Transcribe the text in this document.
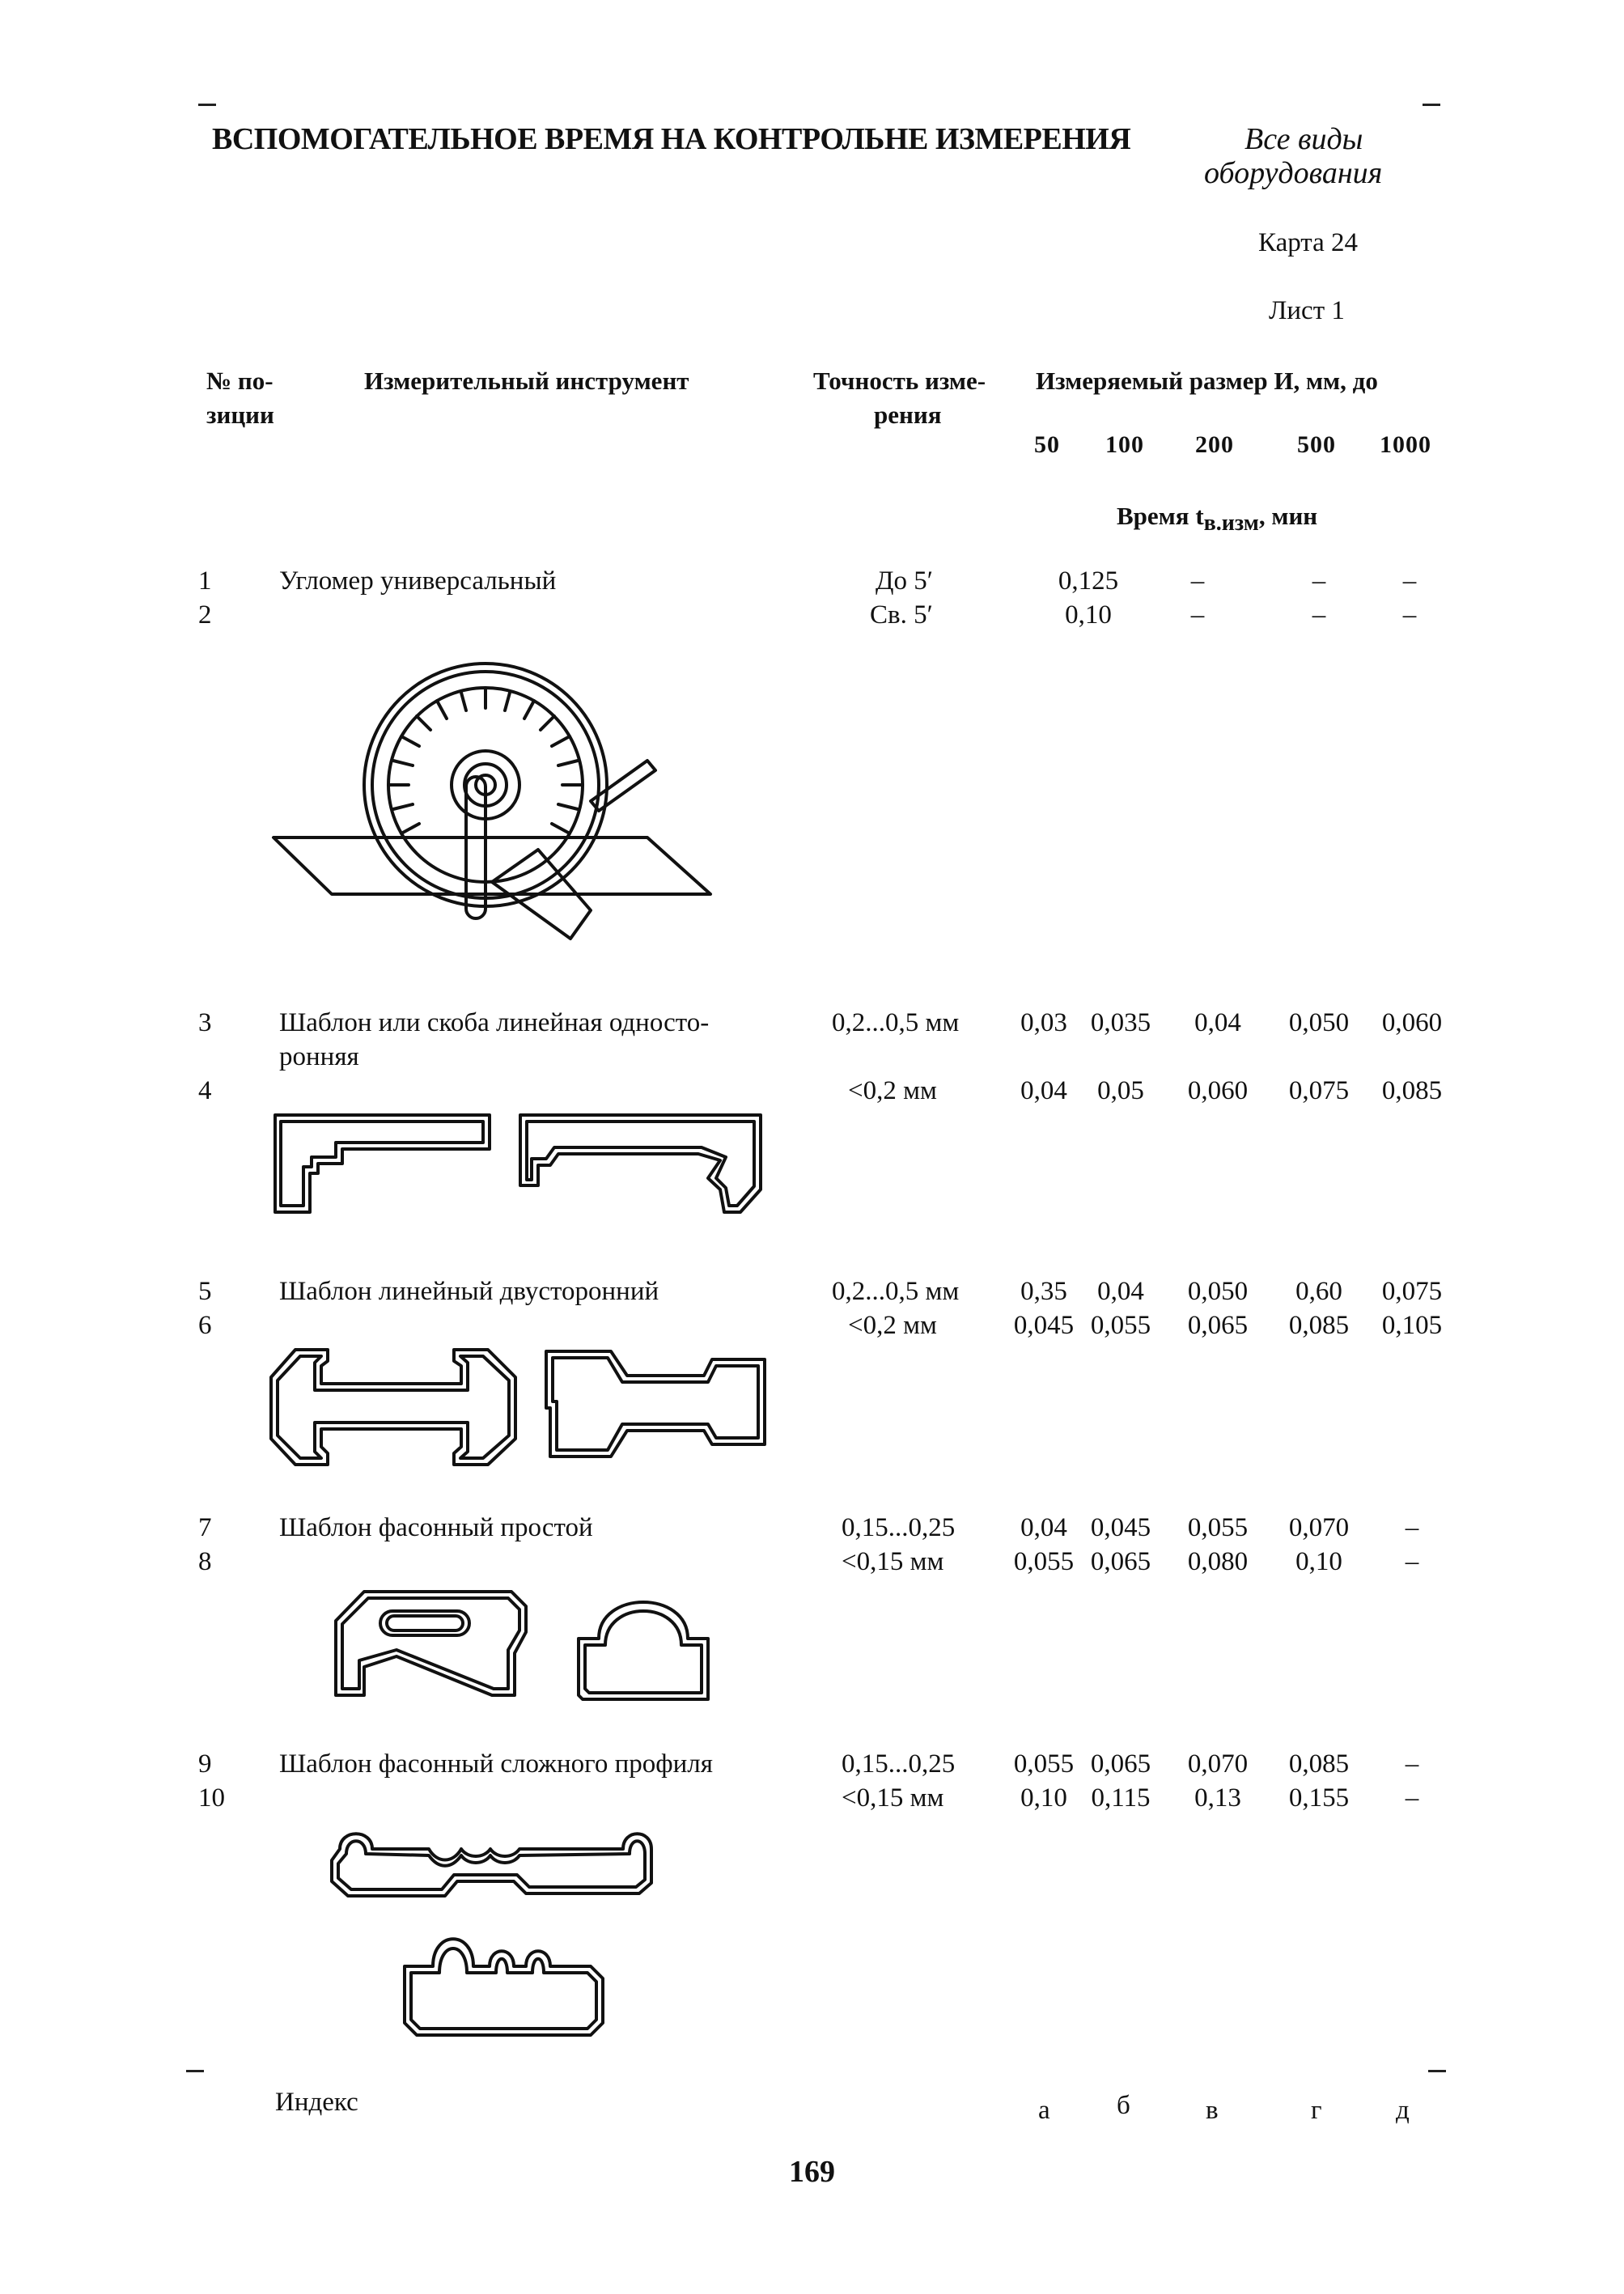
ВСПОМОГАТЕЛЬНОЕ ВРЕМЯ НА КОНТРОЛЬНЕ ИЗМЕРЕНИЯ	Все виды
оборудования
Карта 24
Лист 1
№ по-
зиции
Измерительный инструмент	Точность изме-
рения
Измеряемый размер И, мм, до
50 100 200	500 1000
Время $t_{в.изм}$, мин
1	Угломер универсальный	До 5′	0,125	–	–	–
2	Св. 5′	0,10	–	–	–
3	Шаблон или скоба линейная односто-
ронняя
0,2...0,5 мм	0,03 0,035	0,04	0,050	0,060
4	<0,2 мм	0,04	0,05	0,060	0,075	0,085
5	Шаблон линейный двусторонний	0,2...0,5 мм	0,35	0,04	0,050	0,60	0,075
6	<0,2 мм	0,045 0,055	0,065	0,085	0,105
7	Шаблон фасонный простой	0,15...0,25	0,04 0,045	0,055	0,070	–
8	<0,15 мм	0,055 0,065	0,080	0,10	–
9	Шаблон фасонный сложного профиля	0,15...0,25 0,055 0,065	0,070	0,085	–
10	<0,15 мм	0,10 0,115	0,13	0,155	–
Индекс	а б	в	г	д
169
